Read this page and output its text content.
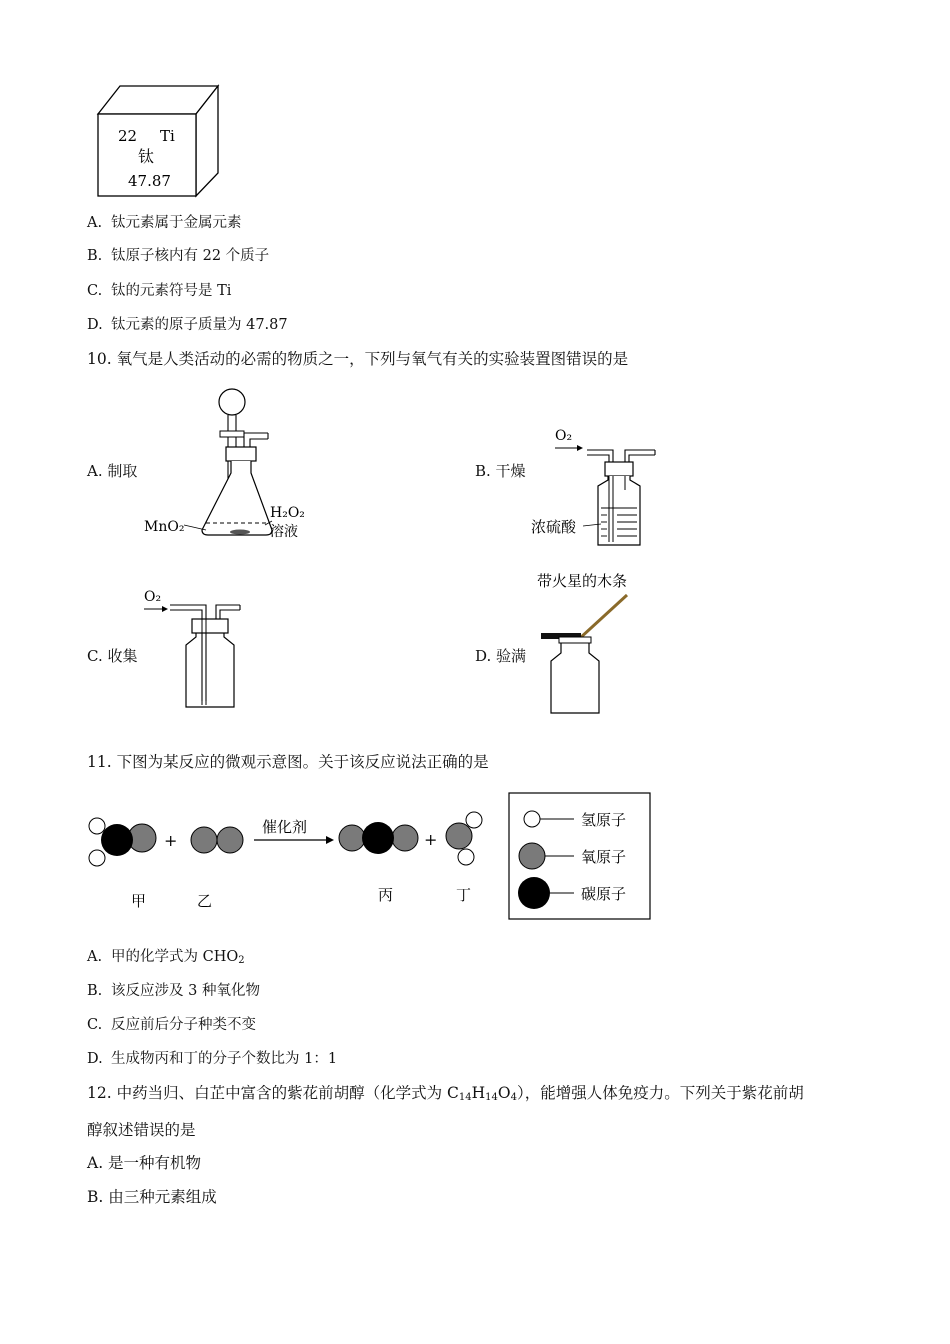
22 Ti
钛
47.87
A. 钛元素属于金属元素
B. 钛原子核内有 22 个质子
C. 钛的元素符号是 Ti
D. 钛元素的原子质量为 47.87
10. 氧气是人类活动的必需的物质之一，下列与氧气有关的实验装置图错误的是
A. 制取	B. 干燥
C. 收集	D. 验满
MnO₂
H₂O₂
溶液
O₂
浓硫酸
O₂
带火星的木条
11. 下图为某反应的微观示意图。关于该反应说法正确的是
+
催化剂
+
甲	乙	丙	丁
氢原子
氧原子
碳原子
A. 甲的化学式为 $CHO_2$
B. 该反应涉及 3 种氧化物
C. 反应前后分子种类不变
D. 生成物丙和丁的分子个数比为 1：1
12. 中药当归、白芷中富含的紫花前胡醇（化学式为 $C_{14}H_{14}O_4$），能增强人体免疫力。下列关于紫花前胡
醇叙述错误的是
A. 是一种有机物
B. 由三种元素组成
